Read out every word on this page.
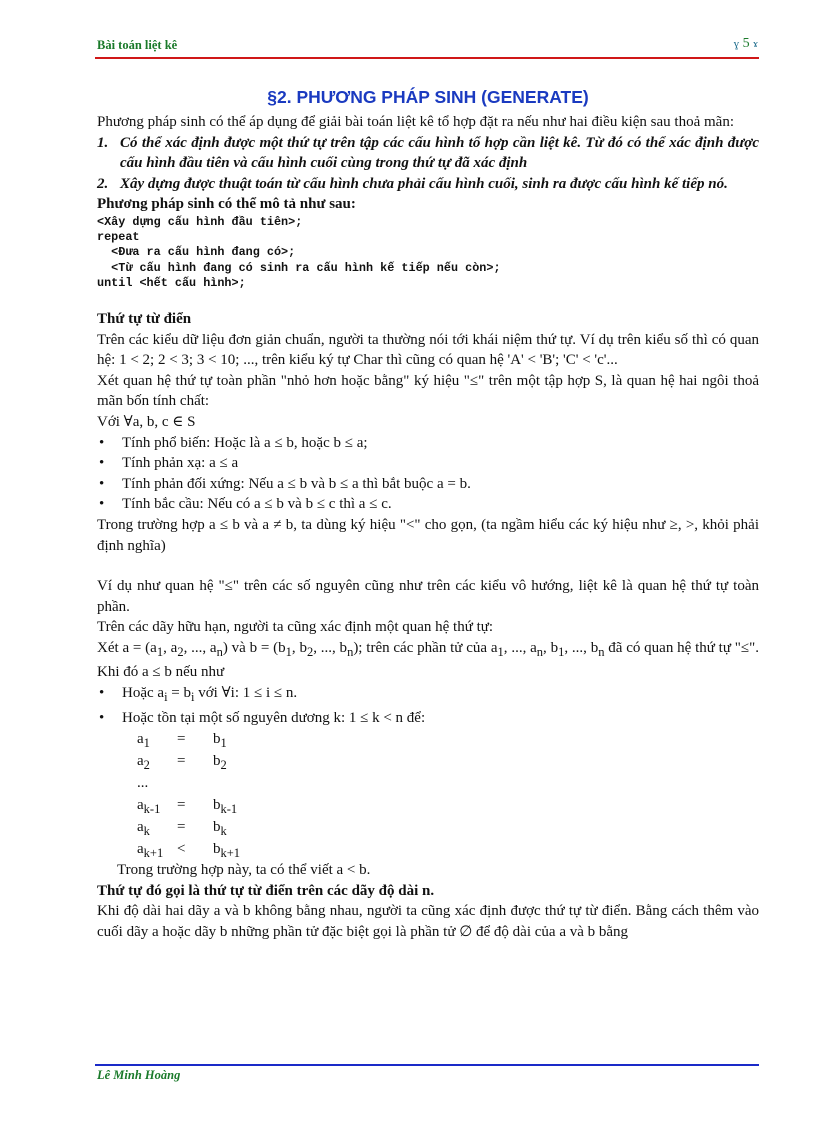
Bài toán liệt kê	ɣ 5 ɤ
§2. PHƯƠNG PHÁP SINH (GENERATE)

Phương pháp sinh có thể áp dụng để giải bài toán liệt kê tổ hợp đặt ra nếu như hai điều kiện sau thoả mãn:

1. Có thể xác định được một thứ tự trên tập các cấu hình tổ hợp cần liệt kê. Từ đó có thể xác định được cấu hình đầu tiên và cấu hình cuối cùng trong thứ tự đã xác định
2. Xây dựng được thuật toán từ cấu hình chưa phải cấu hình cuối, sinh ra được cấu hình kế tiếp nó.

Phương pháp sinh có thể mô tả như sau:

<Xây dựng cấu hình đầu tiên>;
repeat
<Đưa ra cấu hình đang có>;
<Từ cấu hình đang có sinh ra cấu hình kế tiếp nếu còn>;
until <hết cấu hình>;

Thứ tự từ điển

Trên các kiểu dữ liệu đơn giản chuẩn, người ta thường nói tới khái niệm thứ tự. Ví dụ trên kiểu số thì có quan hệ: 1 < 2; 2 < 3; 3 < 10; ..., trên kiểu ký tự Char thì cũng có quan hệ 'A' < 'B'; 'C' < 'c'...

Xét quan hệ thứ tự toàn phần "nhỏ hơn hoặc bằng" ký hiệu "≤" trên một tập hợp S, là quan hệ hai ngôi thoả mãn bốn tính chất:

Với ∀a, b, c ∈ S

• Tính phổ biến: Hoặc là a ≤ b, hoặc b ≤ a;
• Tính phản xạ: a ≤ a
• Tính phản đối xứng: Nếu a ≤ b và b ≤ a thì bắt buộc a = b.
• Tính bắc cầu: Nếu có a ≤ b và b ≤ c thì a ≤ c.

Trong trường hợp a ≤ b và a ≠ b, ta dùng ký hiệu "<" cho gọn, (ta ngầm hiểu các ký hiệu như ≥, >, khỏi phải định nghĩa)

Ví dụ như quan hệ "≤" trên các số nguyên cũng như trên các kiểu vô hướng, liệt kê là quan hệ thứ tự toàn phần.

Trên các dãy hữu hạn, người ta cũng xác định một quan hệ thứ tự:

Xét $a = (a_1$, $a_2$, ..., $a_n$) và $b = (b_1$, $b_2$, ..., $b_n$); trên các phần tử của $a_1$, ..., $a_n$, $b_1$, ..., $b_n$ đã có quan hệ thứ tự "≤". Khi đó a ≤ b nếu như

• Hoặc $a_i = b_i$ với ∀i: 1 ≤ i ≤ n.
• Hoặc tồn tại một số nguyên dương k: 1 ≤ k < n để:
$a_1$	=	$b_1$
$a_2$	=	$b_2$
...
$a_{k-1}$	=	$b_{k-1}$
$a_k$	=	$b_k$
$a_{k+1}$ <	$b_{k+1}$

Trong trường hợp này, ta có thể viết a < b.

Thứ tự đó gọi là thứ tự từ điển trên các dãy độ dài n.

Khi độ dài hai dãy a và b không bằng nhau, người ta cũng xác định được thứ tự từ điển. Bằng cách thêm vào cuối dãy a hoặc dãy b những phần tử đặc biệt gọi là phần tử ∅ để độ dài của a và b bằng

Lê Minh Hoàng
